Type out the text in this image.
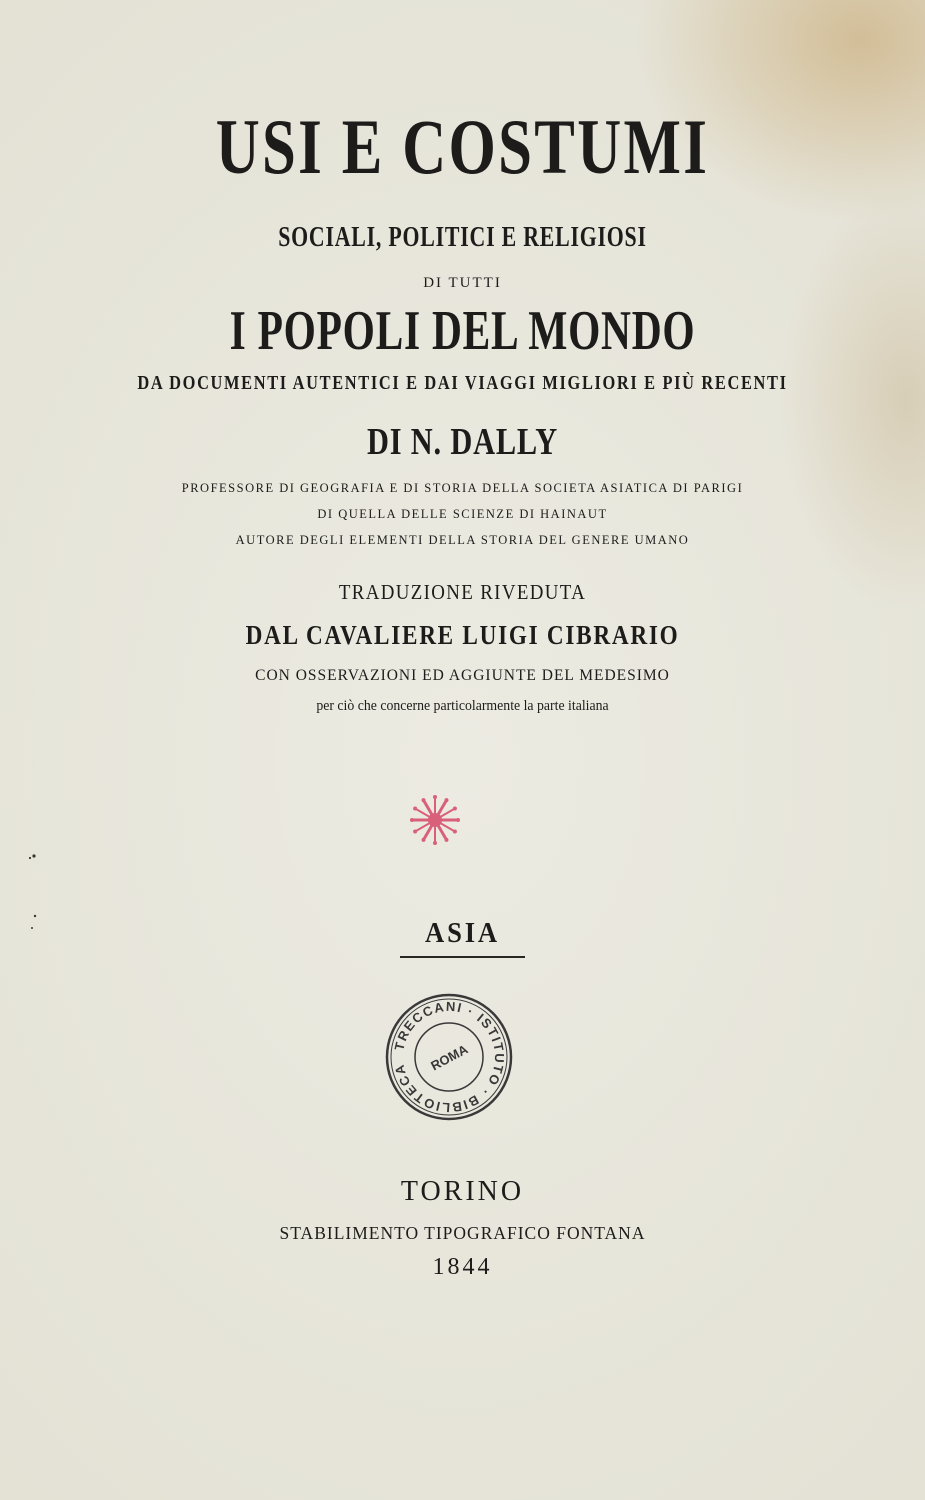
USI E COSTUMI
SOCIALI, POLITICI E RELIGIOSI
DI TUTTI
I POPOLI DEL MONDO
DA DOCUMENTI AUTENTICI E DAI VIAGGI MIGLIORI E PIÙ RECENTI
DI N. DALLY
PROFESSORE DI GEOGRAFIA E DI STORIA DELLA SOCIETA ASIATICA DI PARIGI
DI QUELLA DELLE SCIENZE DI HAINAUT
AUTORE DEGLI ELEMENTI DELLA STORIA DEL GENERE UMANO
TRADUZIONE RIVEDUTA
DAL CAVALIERE LUIGI CIBRARIO
CON OSSERVAZIONI ED AGGIUNTE DEL MEDESIMO
per ciò che concerne particolarmente la parte italiana
ASIA
TRECCANI · ISTITUTO · BIBLIOTECA	ROMA
TORINO
STABILIMENTO TIPOGRAFICO FONTANA
1844
